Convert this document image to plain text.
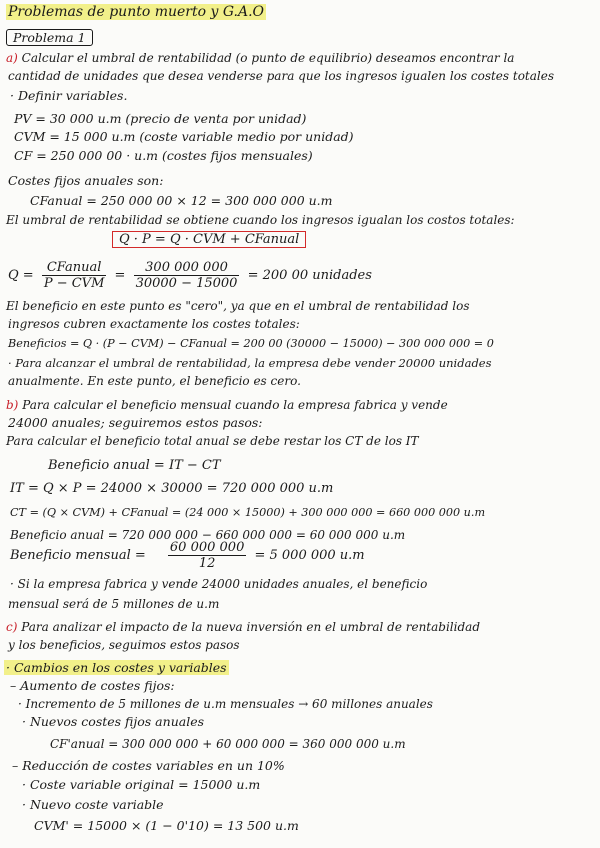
Problemas de punto muerto y G.A.O
Problema 1
a) Calcular el umbral de rentabilidad (o punto de equilibrio) deseamos encontrar la
cantidad de unidades que desea venderse para que los ingresos igualen los costes totales
· Definir variables.
PV = 30 000 u.m (precio de venta por unidad)
CVM = 15 000 u.m (coste variable medio por unidad)
CF = 250 000 00 · u.m (costes fijos mensuales)
Costes fijos anuales son:
CFanual = 250 000 00 × 12 = 300 000 000 u.m
El umbral de rentabilidad se obtiene cuando los ingresos igualan los costos totales:
Q · P = Q · CVM + CFanual
$Q = \frac{\text{CFanual}}{\text{P − CVM}} = \frac{300 000 000}{30000 - 15000} = 200$ 00 unidades
El beneficio en este punto es "cero", ya que en el umbral de rentabilidad los
ingresos cubren exactamente los costes totales:
Beneficios = Q · (P − CVM) − CFanual = 200 00 (30000 − 15000) − 300 000 000 = 0
· Para alcanzar el umbral de rentabilidad, la empresa debe vender 20000 unidades
anualmente. En este punto, el beneficio es cero.
b) Para calcular el beneficio mensual cuando la empresa fabrica y vende
24000 anuales; seguiremos estos pasos:
Para calcular el beneficio total anual se debe restar los CT de los IT
Beneficio anual = IT − CT
IT = Q × P = 24000 × 30000 = 720 000 000 u.m
CT = (Q × CVM) + CFanual = (24 000 × 15000) + 300 000 000 = 660 000 000 u.m
Beneficio anual = 720 000 000 − 660 000 000 = 60 000 000 u.m
Beneficio mensual = $\frac{60 000 000}{12} = 5$ 000 000 u.m
· Si la empresa fabrica y vende 24000 unidades anuales, el beneficio
mensual será de 5 millones de u.m
c) Para analizar el impacto de la nueva inversión en el umbral de rentabilidad
y los beneficios, seguimos estos pasos
· Cambios en los costes y variables
– Aumento de costes fijos:
· Incremento de 5 millones de u.m mensuales → 60 millones anuales
· Nuevos costes fijos anuales
CF'anual = 300 000 000 + 60 000 000 = 360 000 000 u.m
– Reducción de costes variables en un 10%
· Coste variable original = 15000 u.m
· Nuevo coste variable
CVM' = 15000 × (1 − 0'10) = 13 500 u.m
